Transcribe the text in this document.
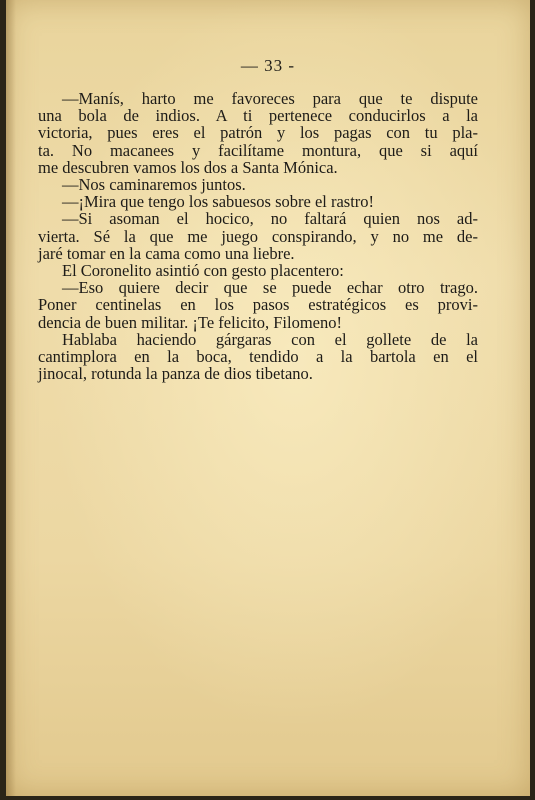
— 33 -
—Manís, harto me favoreces para que te dispute
una bola de indios. A ti pertenece conducirlos a la
victoria, pues eres el patrón y los pagas con tu pla-
ta. No macanees y facilítame montura, que si aquí
me descubren vamos los dos a Santa Mónica.
—Nos caminaremos juntos.
—¡Mira que tengo los sabuesos sobre el rastro!
—Si asoman el hocico, no faltará quien nos ad-
vierta. Sé la que me juego conspirando, y no me de-
jaré tomar en la cama como una liebre.
El Coronelito asintió con gesto placentero:
—Eso quiere decir que se puede echar otro trago.
Poner centinelas en los pasos estratégicos es provi-
dencia de buen militar. ¡Te felicito, Filomeno!
Hablaba haciendo gárgaras con el gollete de la
cantimplora en la boca, tendido a la bartola en el
jinocal, rotunda la panza de dios tibetano.
